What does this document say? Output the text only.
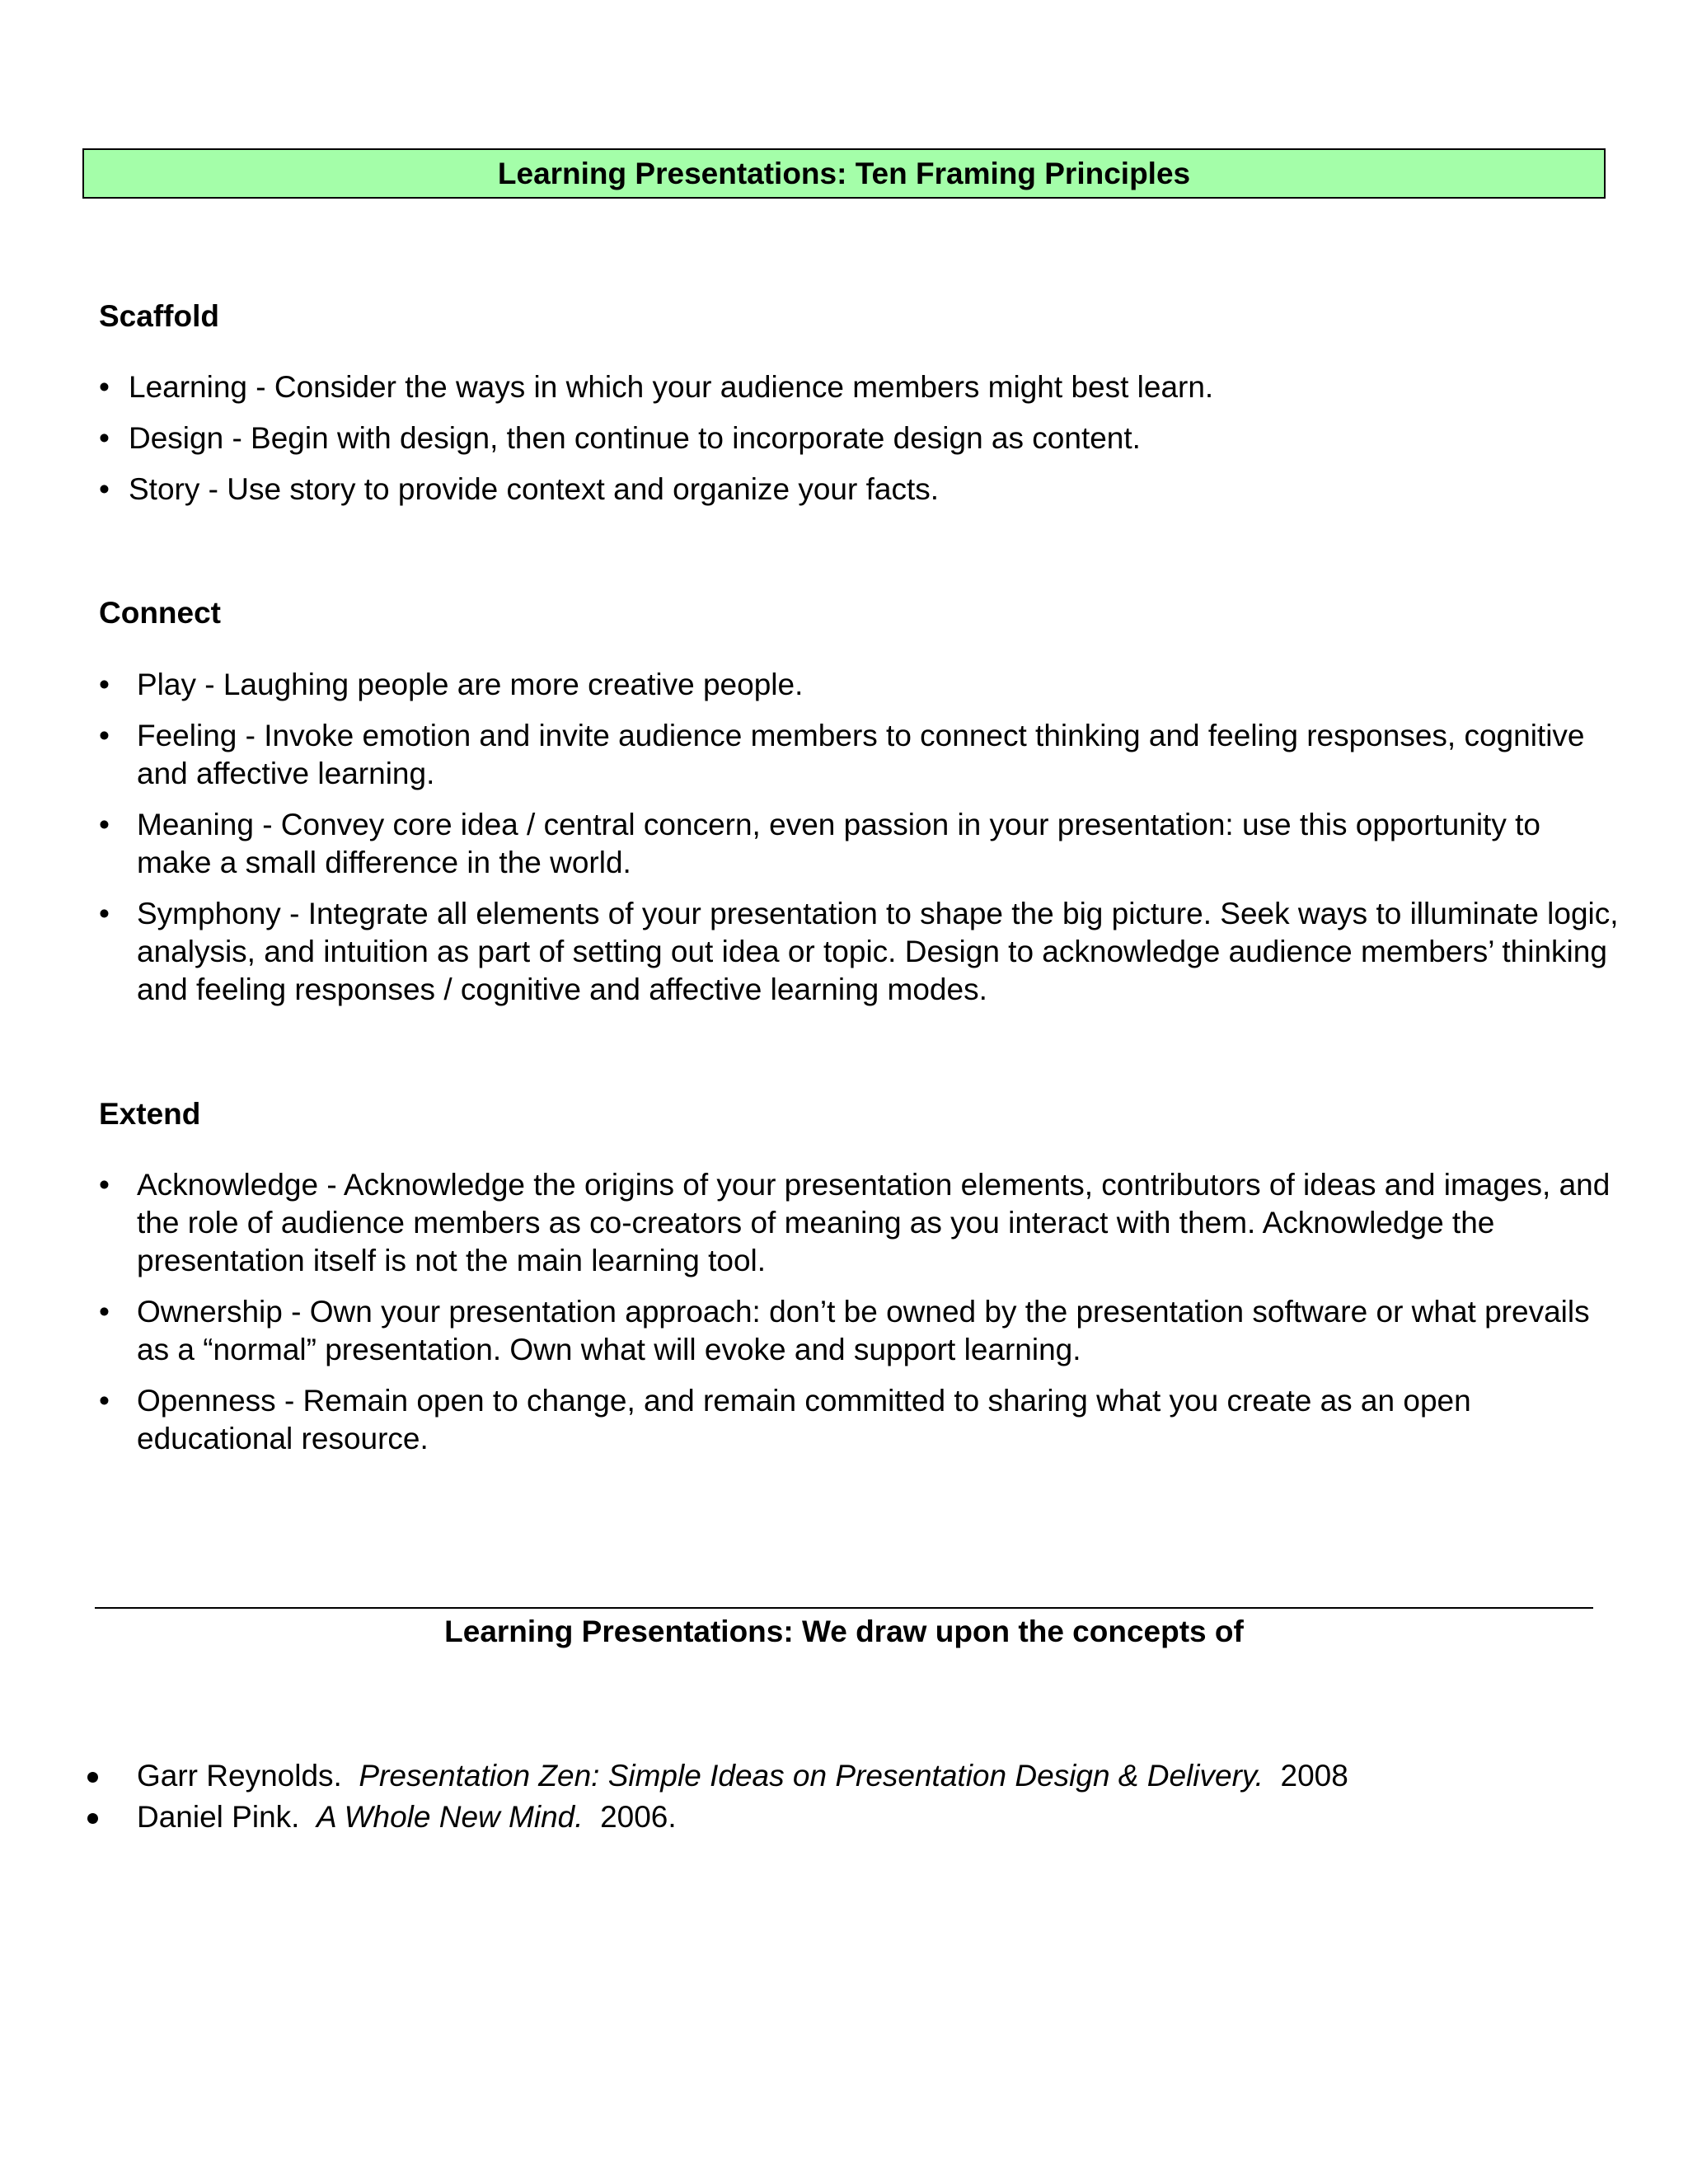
Learning Presentations: Ten Framing Principles
Scaffold
• Learning - Consider the ways in which your audience members might best learn.
• Design - Begin with design, then continue to incorporate design as content.
• Story - Use story to provide context and organize your facts.
Connect
• Play - Laughing people are more creative people.
• Feeling - Invoke emotion and invite audience members to connect thinking and feeling responses, cognitive and affective learning.
• Meaning - Convey core idea / central concern, even passion in your presentation: use this opportunity to make a small difference in the world.
• Symphony - Integrate all elements of your presentation to shape the big picture. Seek ways to illuminate logic, analysis, and intuition as part of setting out idea or topic. Design to acknowledge audience members’ thinking and feeling responses / cognitive and affective learning modes.
Extend
• Acknowledge - Acknowledge the origins of your presentation elements, contributors of ideas and images, and the role of audience members as co-creators of meaning as you interact with them. Acknowledge the presentation itself is not the main learning tool.
• Ownership - Own your presentation approach: don’t be owned by the presentation software or what prevails as a “normal” presentation. Own what will evoke and support learning.
• Openness - Remain open to change, and remain committed to sharing what you create as an open educational resource.
Learning Presentations: We draw upon the concepts of
Garr Reynolds. Presentation Zen: Simple Ideas on Presentation Design & Delivery. 2008
Daniel Pink. A Whole New Mind. 2006.
